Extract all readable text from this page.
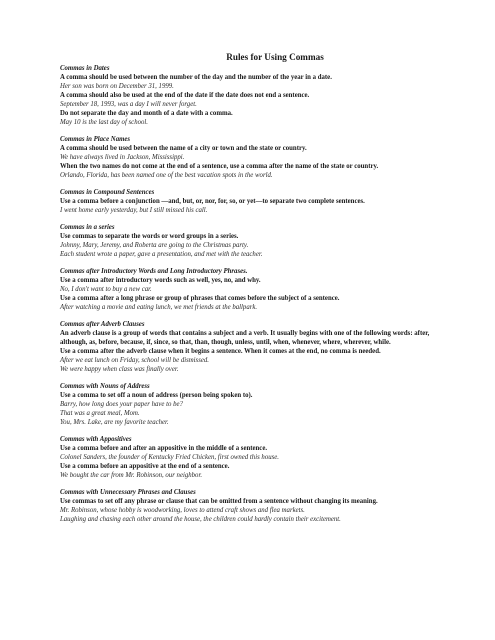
Rules for Using Commas
Commas in Dates
A comma should be used between the number of the day and the number of the year in a date.
Her son was born on December 31, 1999.
A comma should also be used at the end of the date if the date does not end a sentence.
September 18, 1993, was a day I will never forget.
Do not separate the day and month of a date with a comma.
May 10 is the last day of school.
Commas in Place Names
A comma should be used between the name of a city or town and the state or country.
We have always lived in Jackson, Mississippi.
When the two names do not come at the end of a sentence, use a comma after the name of the state or country.
Orlando, Florida, has been named one of the best vacation spots in the world.
Commas in Compound Sentences
Use a comma before a conjunction —and, but, or, nor, for, so, or yet—to separate two complete sentences.
I went home early yesterday, but I still missed his call.
Commas in a series
Use commas to separate the words or word groups in a series.
Johnny, Mary, Jeremy, and Roberta are going to the Christmas party.
Each student wrote a paper, gave a presentation, and met with the teacher.
Commas after Introductory Words and Long Introductory Phrases.
Use a comma after introductory words such as well, yes, no, and why.
No, I don't want to buy a new car.
Use a comma after a long phrase or group of phrases that comes before the subject of a sentence.
After watching a movie and eating lunch, we met friends at the ballpark.
Commas after Adverb Clauses
An adverb clause is a group of words that contains a subject and a verb. It usually begins with one of the following words: after, although, as, before, because, if, since, so that, than, though, unless, until, when, whenever, where, wherever, while.
Use a comma after the adverb clause when it begins a sentence. When it comes at the end, no comma is needed.
After we eat lunch on Friday, school will be dismissed.
We were happy when class was finally over.
Commas with Nouns of Address
Use a comma to set off a noun of address (person being spoken to).
Barry, how long does your paper have to be?
That was a great meal, Mom.
You, Mrs. Lake, are my favorite teacher.
Commas with Appositives
Use a comma before and after an appositive in the middle of a sentence.
Colonel Sanders, the founder of Kentucky Fried Chicken, first owned this house.
Use a comma before an appositive at the end of a sentence.
We bought the car from Mr. Robinson, our neighbor.
Commas with Unnecessary Phrases and Clauses
Use commas to set off any phrase or clause that can be omitted from a sentence without changing its meaning.
Mr. Robinson, whose hobby is woodworking, loves to attend craft shows and flea markets.
Laughing and chasing each other around the house, the children could hardly contain their excitement.
